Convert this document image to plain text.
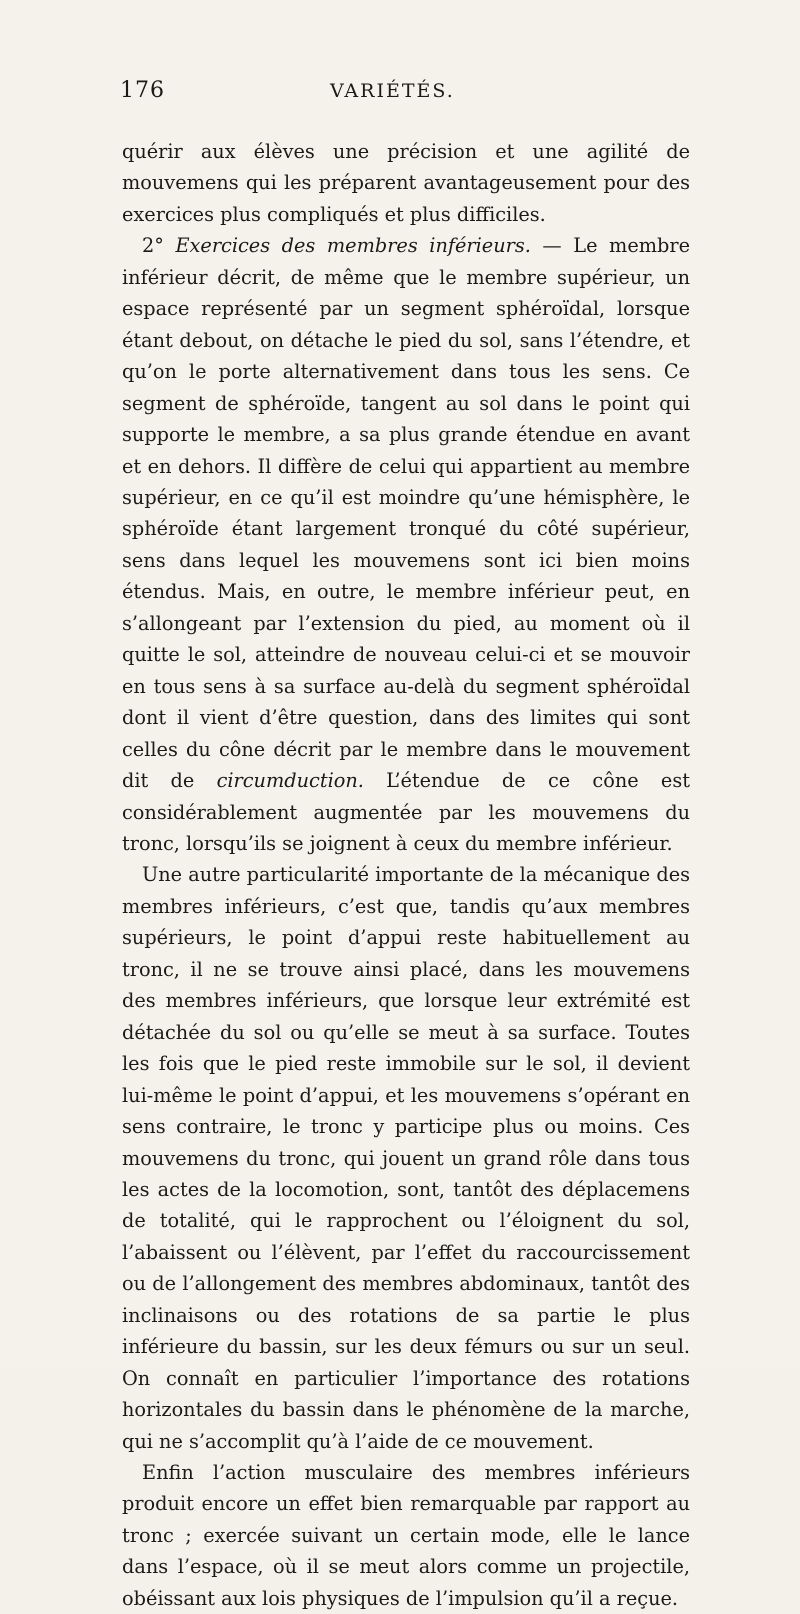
176	VARIÉTÉS.

quérir aux élèves une précision et une agilité de mouvemens qui les préparent avantageusement pour des exercices plus compliqués et plus difficiles.

2° Exercices des membres inférieurs. — Le membre inférieur décrit, de même que le membre supérieur, un espace représenté par un segment sphéroïdal, lorsque étant debout, on détache le pied du sol, sans l’étendre, et qu’on le porte alternativement dans tous les sens. Ce segment de sphéroïde, tangent au sol dans le point qui supporte le membre, a sa plus grande étendue en avant et en dehors. Il diffère de celui qui appartient au membre supérieur, en ce qu’il est moindre qu’une hémisphère, le sphéroïde étant largement tronqué du côté supérieur, sens dans lequel les mouvemens sont ici bien moins étendus. Mais, en outre, le membre inférieur peut, en s’allongeant par l’extension du pied, au moment où il quitte le sol, atteindre de nouveau celui-ci et se mouvoir en tous sens à sa surface au-delà du segment sphéroïdal dont il vient d’être question, dans des limites qui sont celles du cône décrit par le membre dans le mouvement dit de circumduction. L’étendue de ce cône est considérablement augmentée par les mouvemens du tronc, lorsqu’ils se joignent à ceux du membre inférieur.

Une autre particularité importante de la mécanique des membres inférieurs, c’est que, tandis qu’aux membres supérieurs, le point d’appui reste habituellement au tronc, il ne se trouve ainsi placé, dans les mouvemens des membres inférieurs, que lorsque leur extrémité est détachée du sol ou qu’elle se meut à sa surface. Toutes les fois que le pied reste immobile sur le sol, il devient lui-même le point d’appui, et les mouvemens s’opérant en sens contraire, le tronc y participe plus ou moins. Ces mouvemens du tronc, qui jouent un grand rôle dans tous les actes de la locomotion, sont, tantôt des déplacemens de totalité, qui le rapprochent ou l’éloignent du sol, l’abaissent ou l’élèvent, par l’effet du raccourcissement ou de l’allongement des membres abdominaux, tantôt des inclinaisons ou des rotations de sa partie le plus inférieure du bassin, sur les deux fémurs ou sur un seul. On connaît en particulier l’importance des rotations horizontales du bassin dans le phénomène de la marche, qui ne s’accomplit qu’à l’aide de ce mouvement.

Enfin l’action musculaire des membres inférieurs produit encore un effet bien remarquable par rapport au tronc ; exercée suivant un certain mode, elle le lance dans l’espace, où il se meut alors comme un projectile, obéissant aux lois physiques de l’impulsion qu’il a reçue.
